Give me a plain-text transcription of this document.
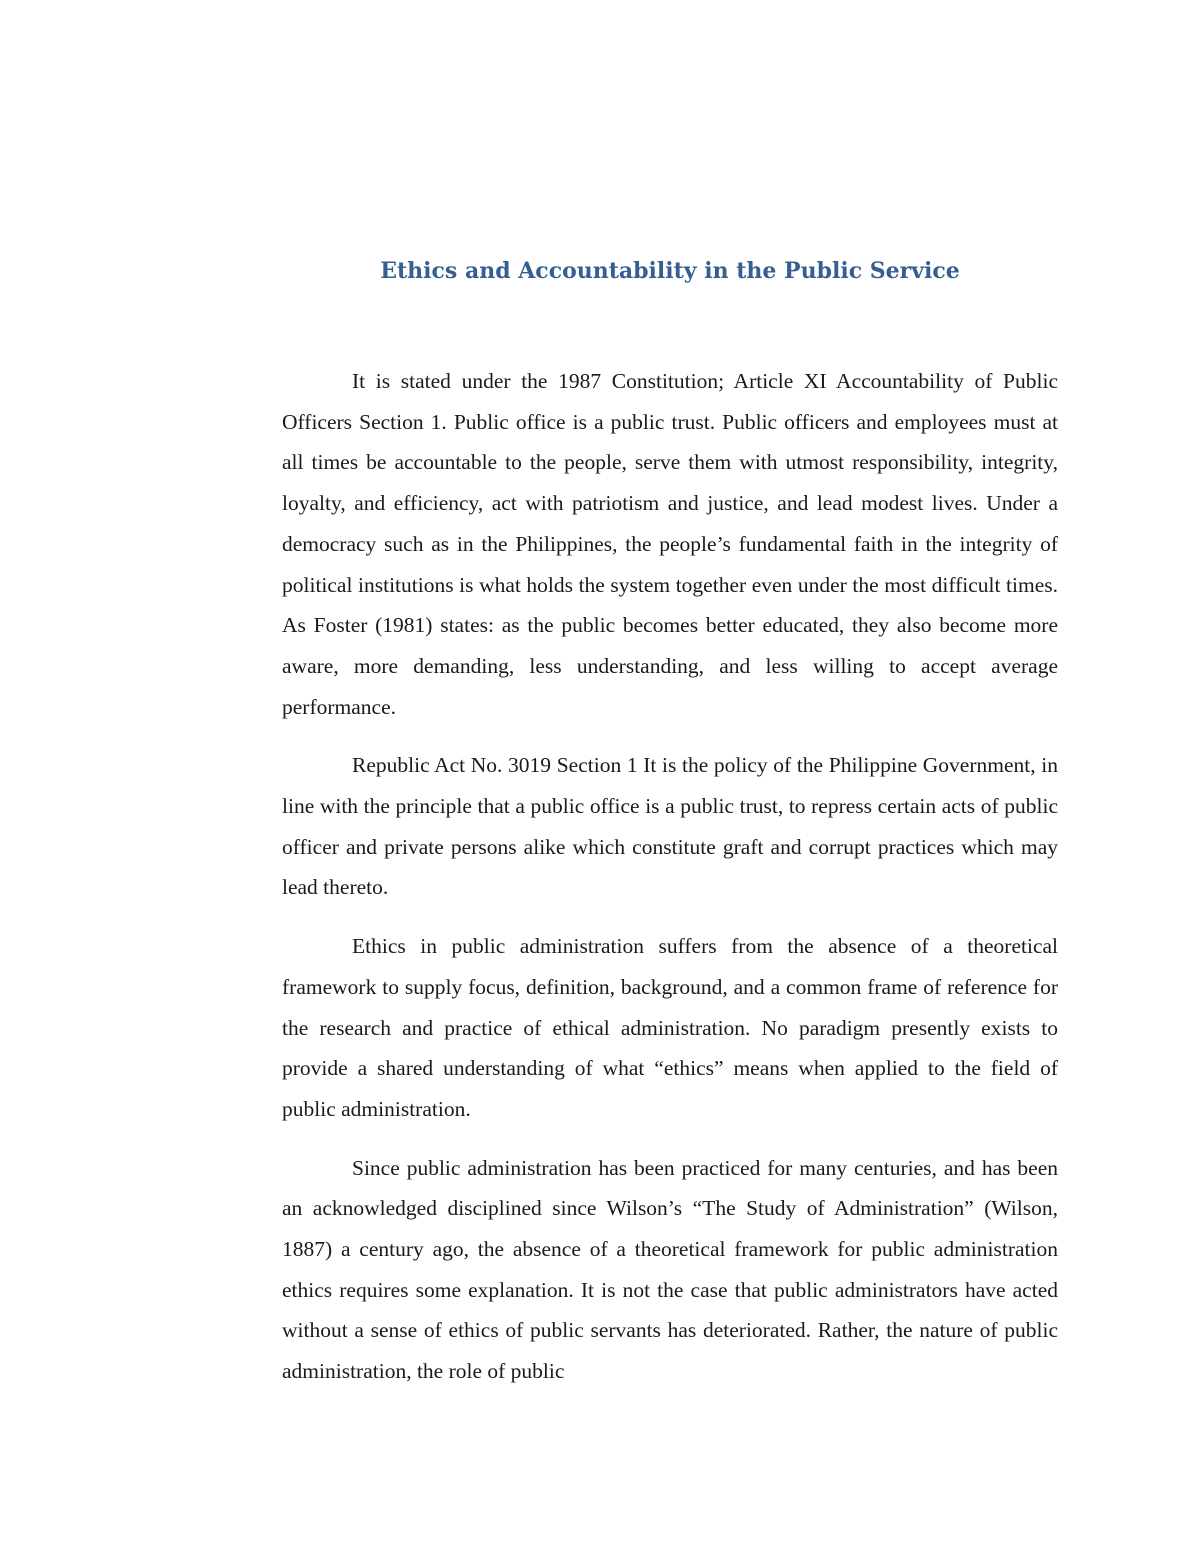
Ethics and Accountability in the Public Service

It is stated under the 1987 Constitution; Article XI Accountability of Public Officers Section 1. Public office is a public trust. Public officers and employees must at all times be accountable to the people, serve them with utmost responsibility, integrity, loyalty, and efficiency, act with patriotism and justice, and lead modest lives. Under a democracy such as in the Philippines, the people’s fundamental faith in the integrity of political institutions is what holds the system together even under the most difficult times. As Foster (1981) states: as the public becomes better educated, they also become more aware, more demanding, less understanding, and less willing to accept average performance.

Republic Act No. 3019 Section 1 It is the policy of the Philippine Government, in line with the principle that a public office is a public trust, to repress certain acts of public officer and private persons alike which constitute graft and corrupt practices which may lead thereto.

Ethics in public administration suffers from the absence of a theoretical framework to supply focus, definition, background, and a common frame of reference for the research and practice of ethical administration. No paradigm presently exists to provide a shared understanding of what “ethics” means when applied to the field of public administration.

Since public administration has been practiced for many centuries, and has been an acknowledged disciplined since Wilson’s “The Study of Administration” (Wilson, 1887) a century ago, the absence of a theoretical framework for public administration ethics requires some explanation. It is not the case that public administrators have acted without a sense of ethics of public servants has deteriorated. Rather, the nature of public administration, the role of public
